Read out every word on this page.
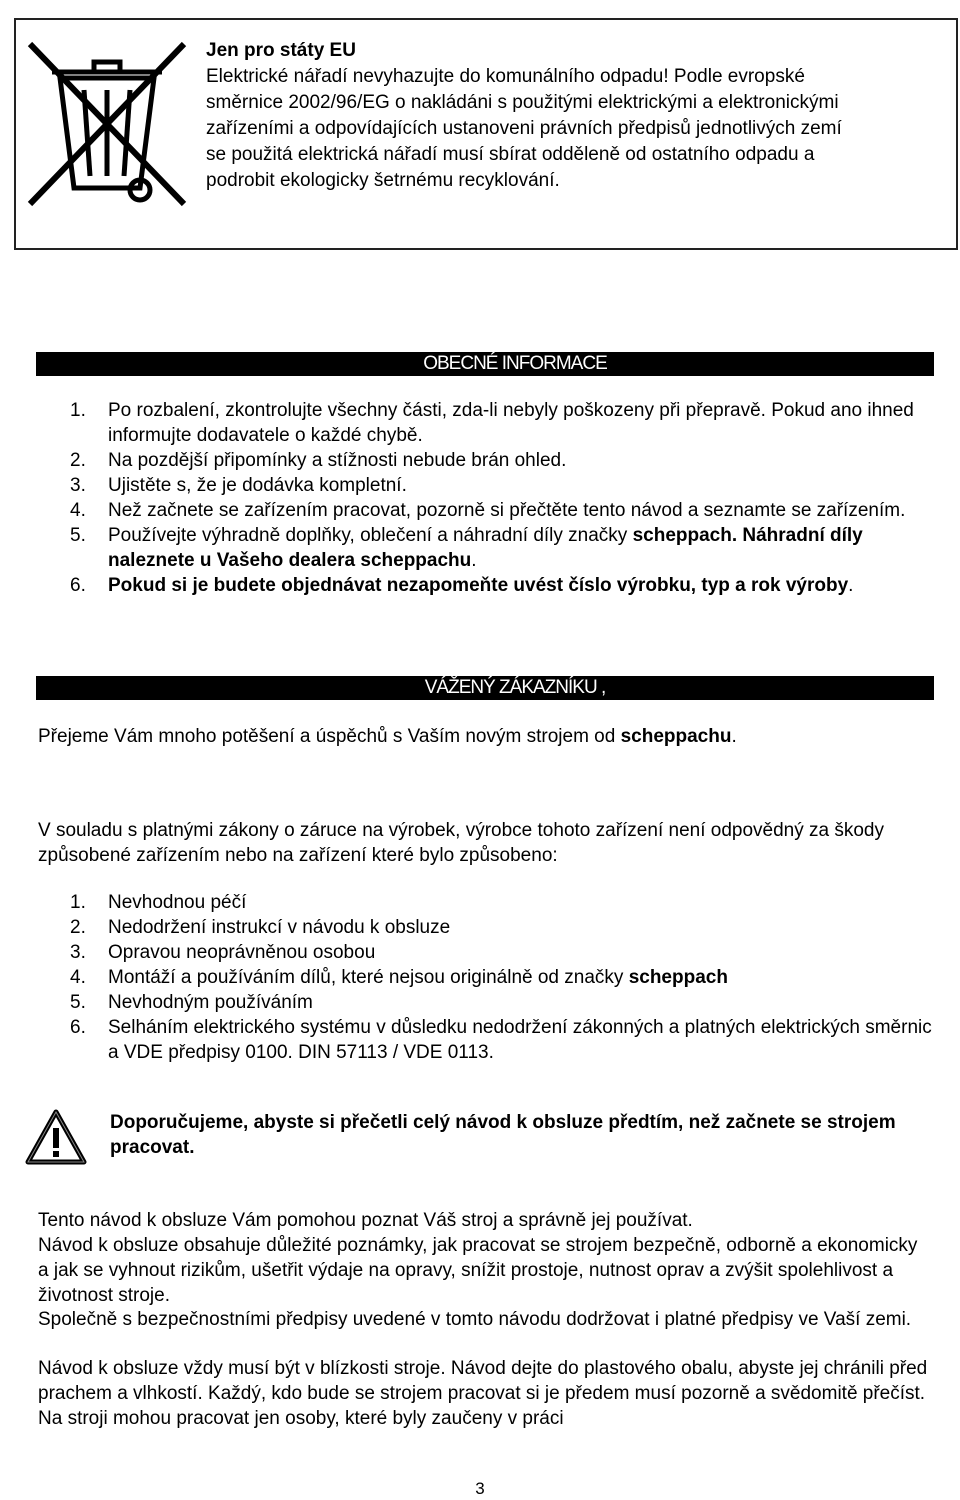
Jen pro státy EU
Elektrické nářadí nevyhazujte do komunálního odpadu! Podle evropské
směrnice 2002/96/EG o nakládáni s použitými elektrickými a elektronickými
zařízeními a odpovídajících ustanoveni právních předpisů jednotlivých zemí
se použitá elektrická nářadí musí sbírat odděleně od ostatního odpadu a
podrobit ekologicky šetrnému recyklování.
OBECNÉ INFORMACE
1. Po rozbalení, zkontrolujte všechny části, zda-li nebyly poškozeny při přepravě. Pokud ano ihned informujte dodavatele o každé chybě.
2. Na pozdější připomínky a stížnosti nebude brán ohled.
3. Ujistěte s, že je dodávka kompletní.
4. Než začnete se zařízením pracovat, pozorně si přečtěte tento návod a seznamte se zařízením.
5. Používejte výhradně doplňky, oblečení a náhradní díly značky scheppach. Náhradní díly naleznete u Vašeho dealera scheppachu.
6. Pokud si je budete objednávat nezapomeňte uvést číslo výrobku, typ a rok výroby.
VÁŽENÝ ZÁKAZNÍKU ,

Přejeme Vám mnoho potěšení a úspěchů s Vaším novým strojem od scheppachu.

V souladu s platnými zákony o záruce na výrobek, výrobce tohoto zařízení není odpovědný za škody způsobené zařízením nebo na zařízení které bylo způsobeno:

1. Nevhodnou péčí
2. Nedodržení instrukcí v návodu k obsluze
3. Opravou neoprávněnou osobou
4. Montáží a používáním dílů, které nejsou originálně od značky scheppach
5. Nevhodným používáním
6. Selháním elektrického systému v důsledku nedodržení zákonných a platných elektrických směrnic a VDE předpisy 0100. DIN 57113 / VDE 0113.
Doporučujeme, abyste si přečetli celý návod k obsluze předtím, než začnete se strojem pracovat.

Tento návod k obsluze Vám pomohou poznat Váš stroj a správně jej používat.

Návod k obsluze obsahuje důležité poznámky, jak pracovat se strojem bezpečně, odborně a ekonomicky a jak se vyhnout rizikům, ušetřit výdaje na opravy, snížit prostoje, nutnost oprav a zvýšit spolehlivost a životnost stroje.

Společně s bezpečnostními předpisy uvedené v tomto návodu dodržovat i platné předpisy ve Vaší zemi.

Návod k obsluze vždy musí být v blízkosti stroje. Návod dejte do plastového obalu, abyste jej chránili před prachem a vlhkostí. Každý, kdo bude se strojem pracovat si je předem musí pozorně a svědomitě přečíst. Na stroji mohou pracovat jen osoby, které byly zaučeny v práci

3
